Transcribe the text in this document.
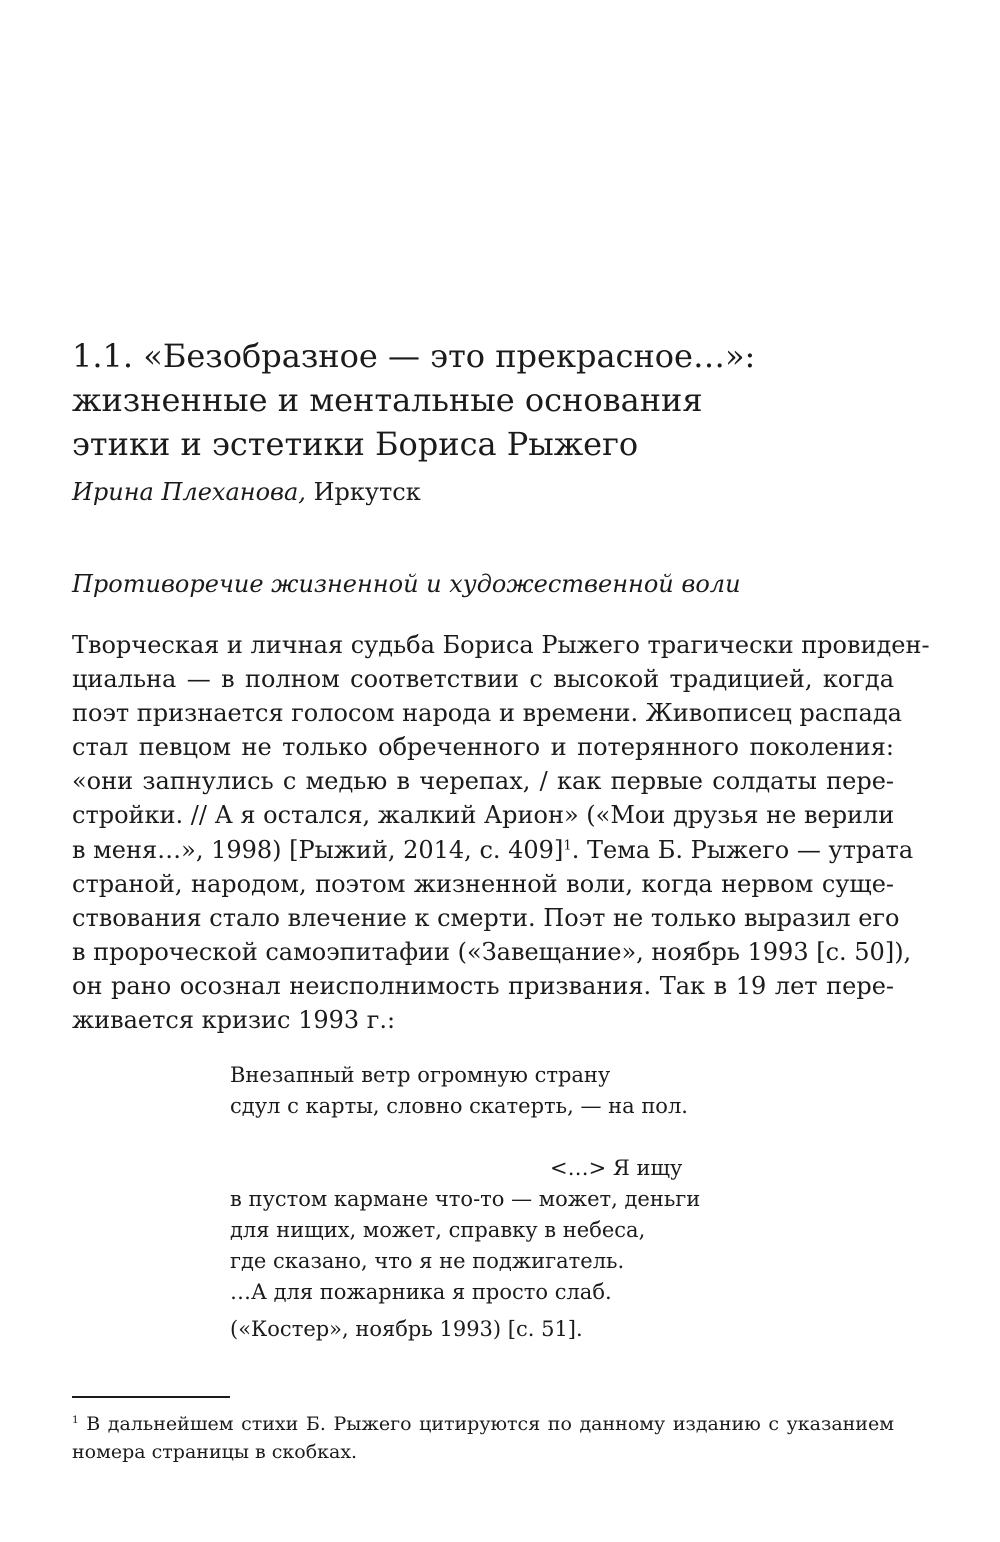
1.1. «Безобразное — это прекрасное…»:
жизненные и ментальные основания
этики и эстетики Бориса Рыжего
Ирина Плеханова, Иркутск
Противоречие жизненной и художественной воли
Творческая и личная судьба Бориса Рыжего трагически провиден-
циальна — в полном соответствии с высокой традицией, когда
поэт признается голосом народа и времени. Живописец распада
стал певцом не только обреченного и потерянного поколения:
«они запнулись с медью в черепах, / как первые солдаты пере-
стройки. // А я остался, жалкий Арион» («Мои друзья не верили
в меня…», 1998) [Рыжий, 2014, с. 409]$^1$. Тема Б. Рыжего — утрата
страной, народом, поэтом жизненной воли, когда нервом суще-
ствования стало влечение к смерти. Поэт не только выразил его
в пророческой самоэпитафии («Завещание», ноябрь 1993 [с. 50]),
он рано осознал неисполнимость призвания. Так в 19 лет пере-
живается кризис 1993 г.:
Внезапный ветр огромную страну
сдул с карты, словно скатерть, — на пол.
<…> Я ищу
в пустом кармане что-то — может, деньги
для нищих, может, справку в небеса,
где сказано, что я не поджигатель.
…А для пожарника я просто слаб.
(«Костер», ноябрь 1993) [с. 51].
$^1$ В дальнейшем стихи Б. Рыжего цитируются по данному изданию с указанием
номера страницы в скобках.
